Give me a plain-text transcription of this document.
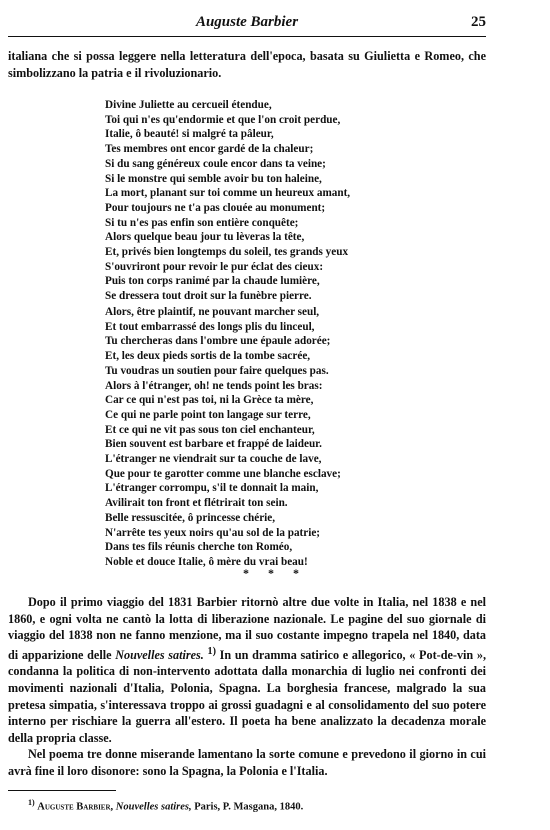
Auguste Barbier	25
italiana che si possa leggere nella letteratura dell'epoca, basata su Giulietta e Romeo, che simbolizzano la patria e il rivoluzionario.
Divine Juliette au cercueil étendue,
Toi qui n'es qu'endormie et que l'on croit perdue,
Italie, ô beauté! si malgré ta pâleur,
Tes membres ont encor gardé de la chaleur;
Si du sang généreux coule encor dans ta veine;
Si le monstre qui semble avoir bu ton haleine,
La mort, planant sur toi comme un heureux amant,
Pour toujours ne t'a pas clouée au monument;
Si tu n'es pas enfin son entière conquête;
Alors quelque beau jour tu lèveras la tête,
Et, privés bien longtemps du soleil, tes grands yeux
S'ouvriront pour revoir le pur éclat des cieux:
Puis ton corps ranimé par la chaude lumière,
Se dressera tout droit sur la funèbre pierre.
Alors, être plaintif, ne pouvant marcher seul,
Et tout embarrassé des longs plis du linceul,
Tu chercheras dans l'ombre une épaule adorée;
Et, les deux pieds sortis de la tombe sacrée,
Tu voudras un soutien pour faire quelques pas.
Alors à l'étranger, oh! ne tends point les bras:
Car ce qui n'est pas toi, ni la Grèce ta mère,
Ce qui ne parle point ton langage sur terre,
Et ce qui ne vit pas sous ton ciel enchanteur,
Bien souvent est barbare et frappé de laideur.
L'étranger ne viendrait sur ta couche de lave,
Que pour te garotter comme une blanche esclave;
L'étranger corrompu, s'il te donnait la main,
Avilirait ton front et flétrirait ton sein.
Belle ressuscitée, ô princesse chérie,
N'arrête tes yeux noirs qu'au sol de la patrie;
Dans tes fils réunis cherche ton Roméo,
Noble et douce Italie, ô mère du vrai beau!
* * *

Dopo il primo viaggio del 1831 Barbier ritornò altre due volte in Italia, nel 1838 e nel 1860, e ogni volta ne cantò la lotta di liberazione nazionale. Le pagine del suo giornale di viaggio del 1838 non ne fanno menzione, ma il suo costante impegno trapela nel 1840, data di apparizione delle Nouvelles satires. $^{1)}$ In un dramma satirico e allegorico, « Pot-de-vin », condanna la politica di non-intervento adottata dalla monarchia di luglio nei confronti dei movimenti nazionali d'Italia, Polonia, Spagna. La borghesia francese, malgrado la sua pretesa simpatia, s'interessava troppo ai grossi guadagni e al consolidamento del suo potere interno per rischiare la guerra all'estero. Il poeta ha bene analizzato la decadenza morale della propria classe.

Nel poema tre donne miserande lamentano la sorte comune e prevedono il giorno in cui avrà fine il loro disonore: sono la Spagna, la Polonia e l'Italia.

$^{1)}$ Auguste Barbier, Nouvelles satires, Paris, P. Masgana, 1840.
